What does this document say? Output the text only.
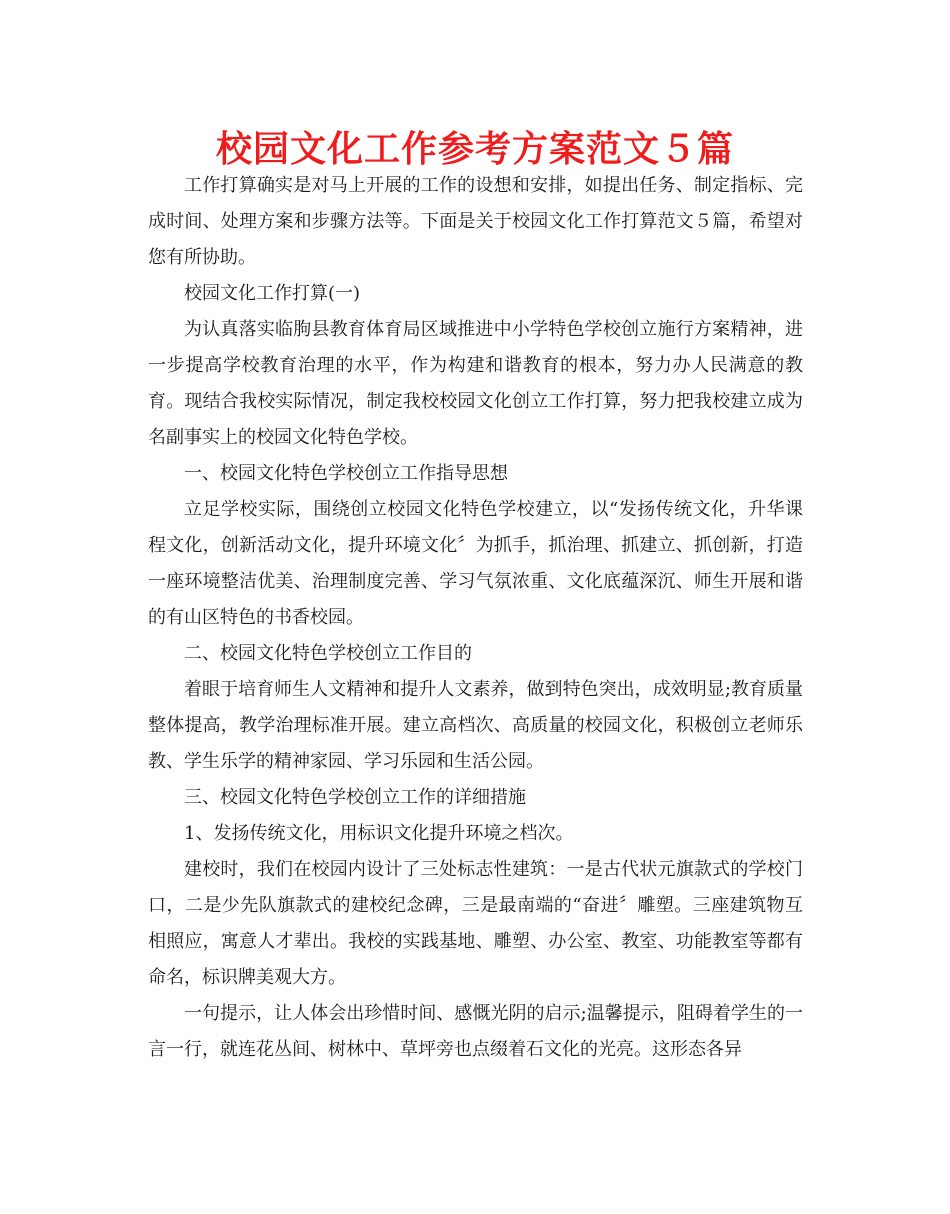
校园文化工作参考方案范文５篇

工作打算确实是对马上开展的工作的设想和安排，如提出任务、制定指标、完成时间、处理方案和步骤方法等。下面是关于校园文化工作打算范文５篇，希望对您有所协助。

校园文化工作打算(一)

为认真落实临朐县教育体育局区域推进中小学特色学校创立施行方案精神，进一步提高学校教育治理的水平，作为构建和谐教育的根本，努力办人民满意的教育。现结合我校实际情况，制定我校校园文化创立工作打算，努力把我校建立成为名副事实上的校园文化特色学校。

一、校园文化特色学校创立工作指导思想

立足学校实际，围绕创立校园文化特色学校建立，以“发扬传统文化，升华课程文化，创新活动文化，提升环境文化〞为抓手，抓治理、抓建立、抓创新，打造一座环境整洁优美、治理制度完善、学习气氛浓重、文化底蕴深沉、师生开展和谐的有山区特色的书香校园。

二、校园文化特色学校创立工作目的

着眼于培育师生人文精神和提升人文素养，做到特色突出，成效明显;教育质量整体提高，教学治理标准开展。建立高档次、高质量的校园文化，积极创立老师乐教、学生乐学的精神家园、学习乐园和生活公园。

三、校园文化特色学校创立工作的详细措施

1、发扬传统文化，用标识文化提升环境之档次。

建校时，我们在校园内设计了三处标志性建筑：一是古代状元旗款式的学校门口，二是少先队旗款式的建校纪念碑，三是最南端的“奋进〞雕塑。三座建筑物互相照应，寓意人才辈出。我校的实践基地、雕塑、办公室、教室、功能教室等都有命名，标识牌美观大方。

一句提示，让人体会出珍惜时间、感慨光阴的启示;温馨提示，阻碍着学生的一言一行，就连花丛间、树林中、草坪旁也点缀着石文化的光亮。这形态各异
